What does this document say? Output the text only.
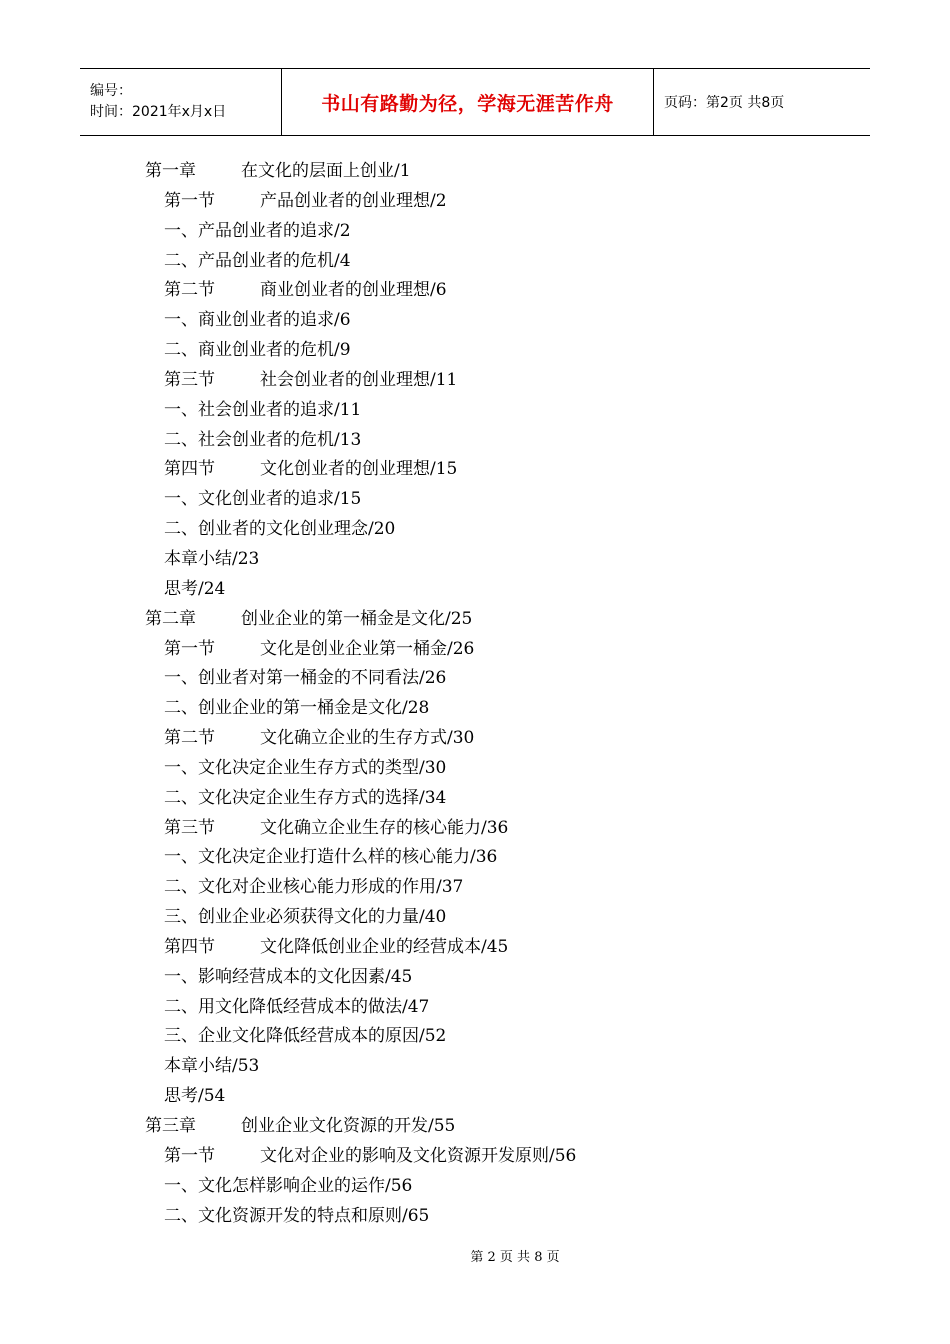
编号：
时间：2021年x月x日	书山有路勤为径，学海无涯苦作舟	页码：第2页 共8页
第一章	在文化的层面上创业/1
第一节	产品创业者的创业理想/2
一、产品创业者的追求/2
二、产品创业者的危机/4
第二节	商业创业者的创业理想/6
一、商业创业者的追求/6
二、商业创业者的危机/9
第三节	社会创业者的创业理想/11
一、社会创业者的追求/11
二、社会创业者的危机/13
第四节	文化创业者的创业理想/15
一、文化创业者的追求/15
二、创业者的文化创业理念/20
本章小结/23
思考/24
第二章	创业企业的第一桶金是文化/25
第一节	文化是创业企业第一桶金/26
一、创业者对第一桶金的不同看法/26
二、创业企业的第一桶金是文化/28
第二节	文化确立企业的生存方式/30
一、文化决定企业生存方式的类型/30
二、文化决定企业生存方式的选择/34
第三节	文化确立企业生存的核心能力/36
一、文化决定企业打造什么样的核心能力/36
二、文化对企业核心能力形成的作用/37
三、创业企业必须获得文化的力量/40
第四节	文化降低创业企业的经营成本/45
一、影响经营成本的文化因素/45
二、用文化降低经营成本的做法/47
三、企业文化降低经营成本的原因/52
本章小结/53
思考/54
第三章	创业企业文化资源的开发/55
第一节	文化对企业的影响及文化资源开发原则/56
一、文化怎样影响企业的运作/56
二、文化资源开发的特点和原则/65
第 2 页 共 8 页
